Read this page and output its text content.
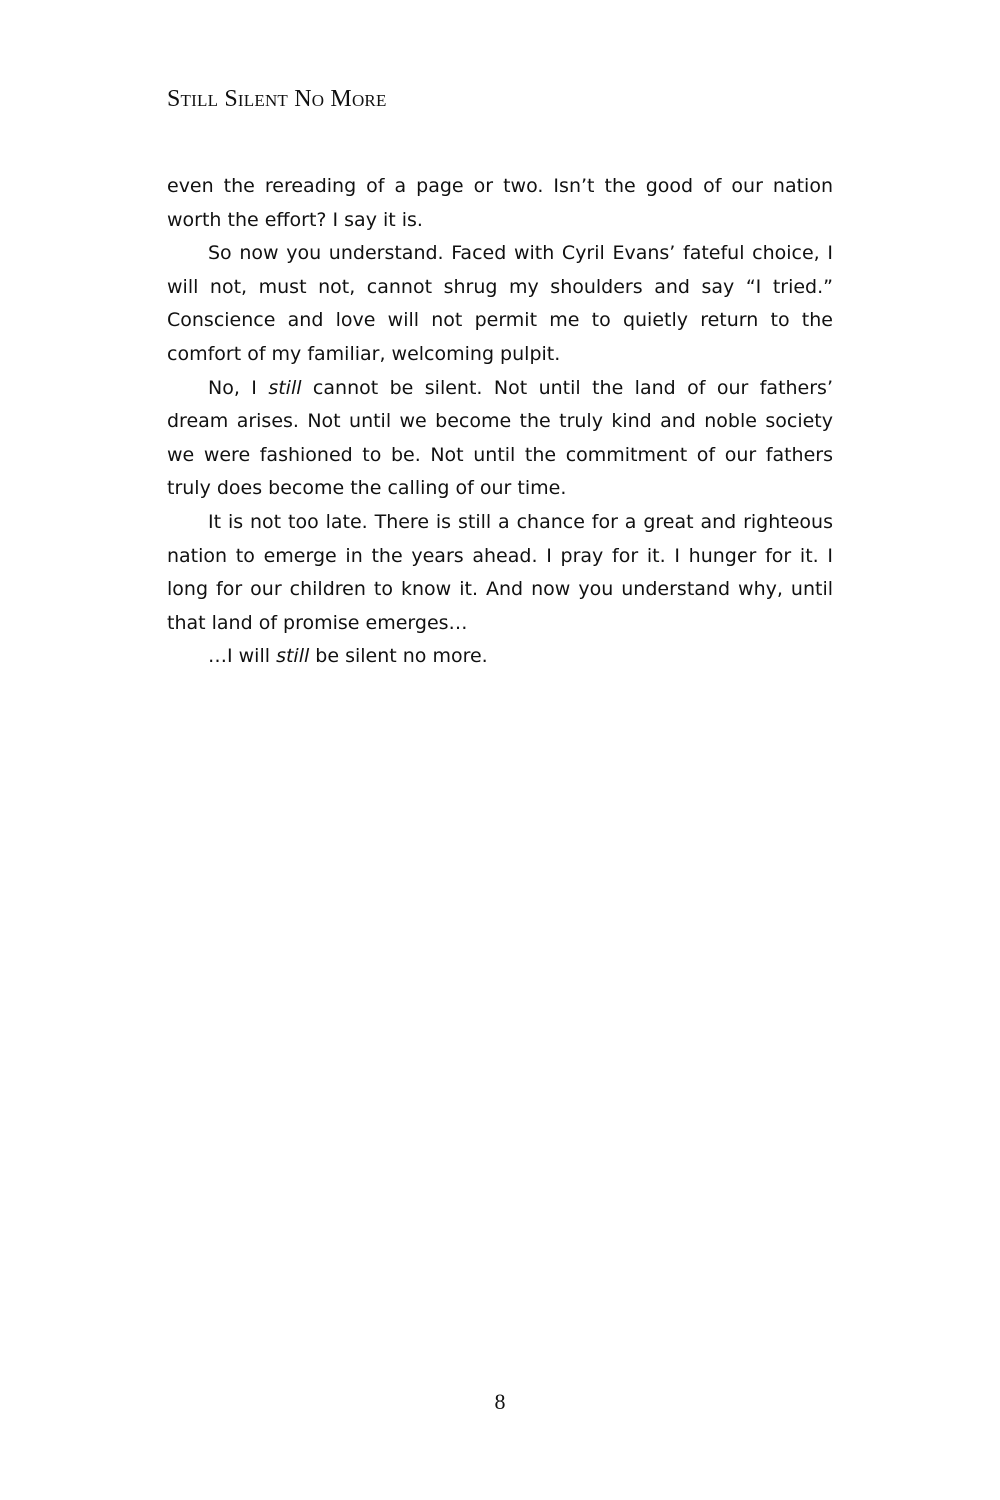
Still Silent No More

even the rereading of a page or two. Isn’t the good of our nation worth the effort? I say it is.

So now you understand. Faced with Cyril Evans’ fateful choice, I will not, must not, cannot shrug my shoulders and say “I tried.” Conscience and love will not permit me to quietly return to the comfort of my familiar, welcoming pulpit.

No, I still cannot be silent. Not until the land of our fathers’ dream arises. Not until we become the truly kind and noble society we were fashioned to be. Not until the commitment of our fathers truly does become the calling of our time.

It is not too late. There is still a chance for a great and righteous nation to emerge in the years ahead. I pray for it. I hunger for it. I long for our children to know it. And now you understand why, until that land of promise emerges…

…I will still be silent no more.

8
